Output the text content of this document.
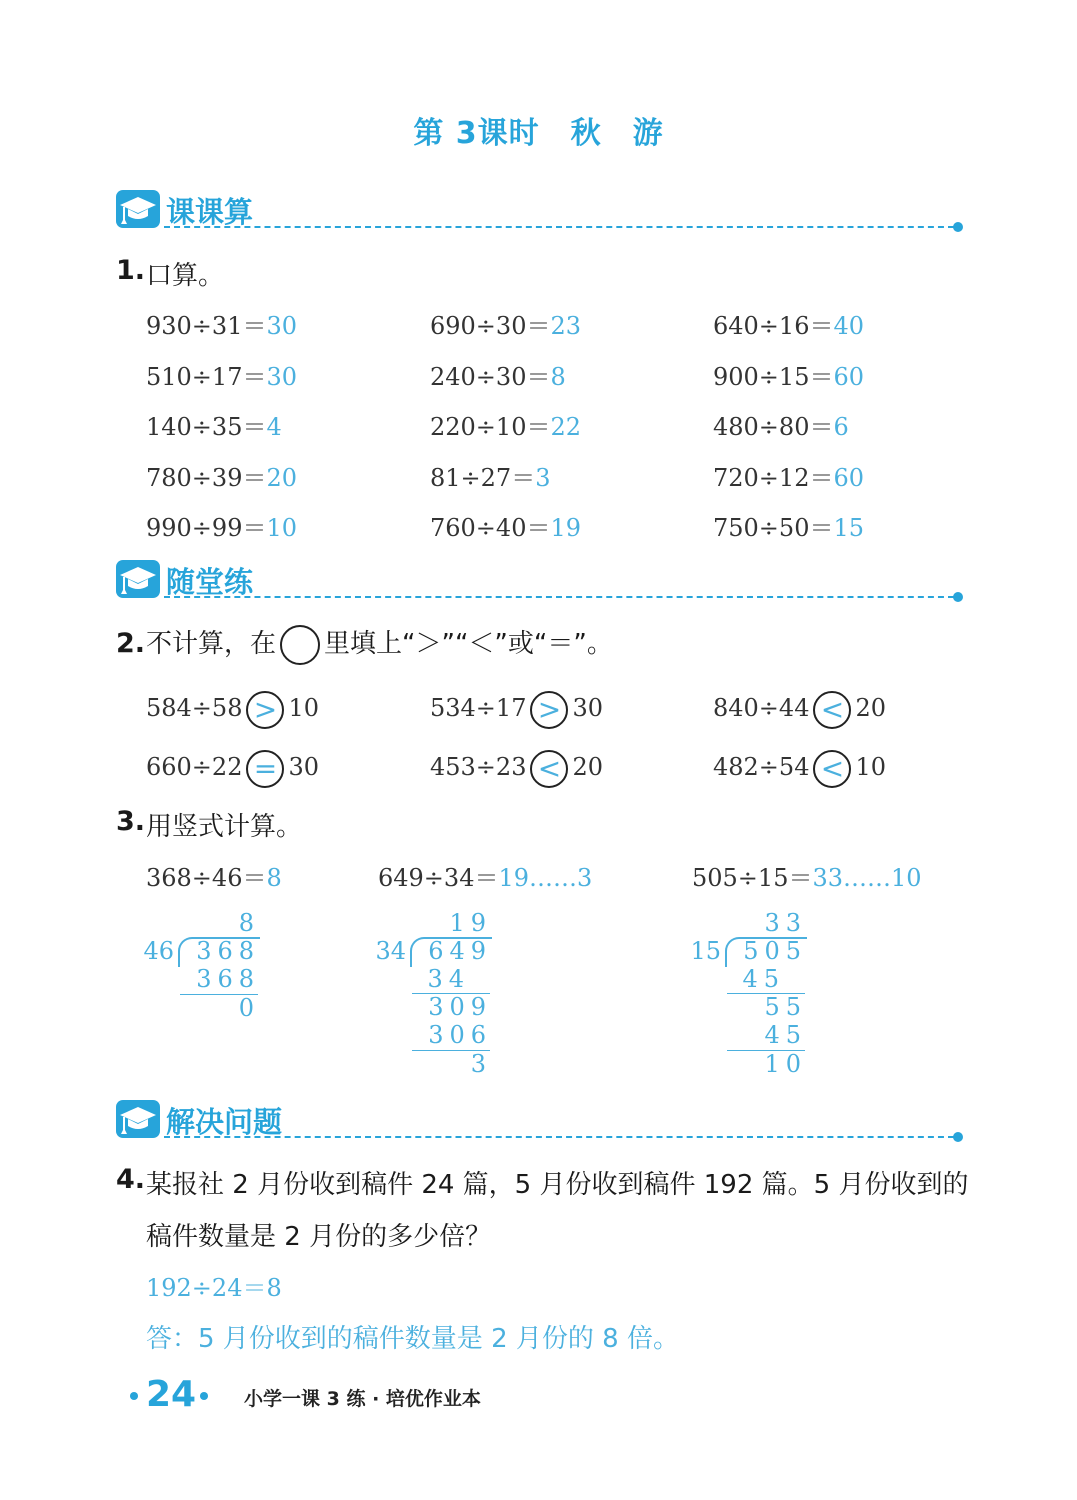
第 3课时　秋　游
课课算
1. 口算。
930÷31＝30	690÷30＝23	640÷16＝40
510÷17＝30	240÷30＝8	900÷15＝60
140÷35＝4	220÷10＝22	480÷80＝6
780÷39＝20	81÷27＝3	720÷12＝60
990÷99＝10	760÷40＝19	750÷50＝15
随堂练
2. 不计算，在 里填上“＞”“＜”或“＝”。
584÷58 > 10	534÷17 > 30	840÷44 < 20
660÷22 = 30	453÷23 < 20	482÷54 < 10
3. 用竖式计算。
368÷46＝8	649÷34＝19……3	505÷15＝33……10
8
46 368
368
0
19
34 649
34
309
306
3
33
15 505
45
55
45
10
解决问题
4. 某报社 2 月份收到稿件 24 篇，5 月份收到稿件 192 篇。5 月份收到的
稿件数量是 2 月份的多少倍？
192÷24＝8
答：5 月份收到的稿件数量是 2 月份的 8 倍。
24	小学一课 3 练 · 培优作业本
